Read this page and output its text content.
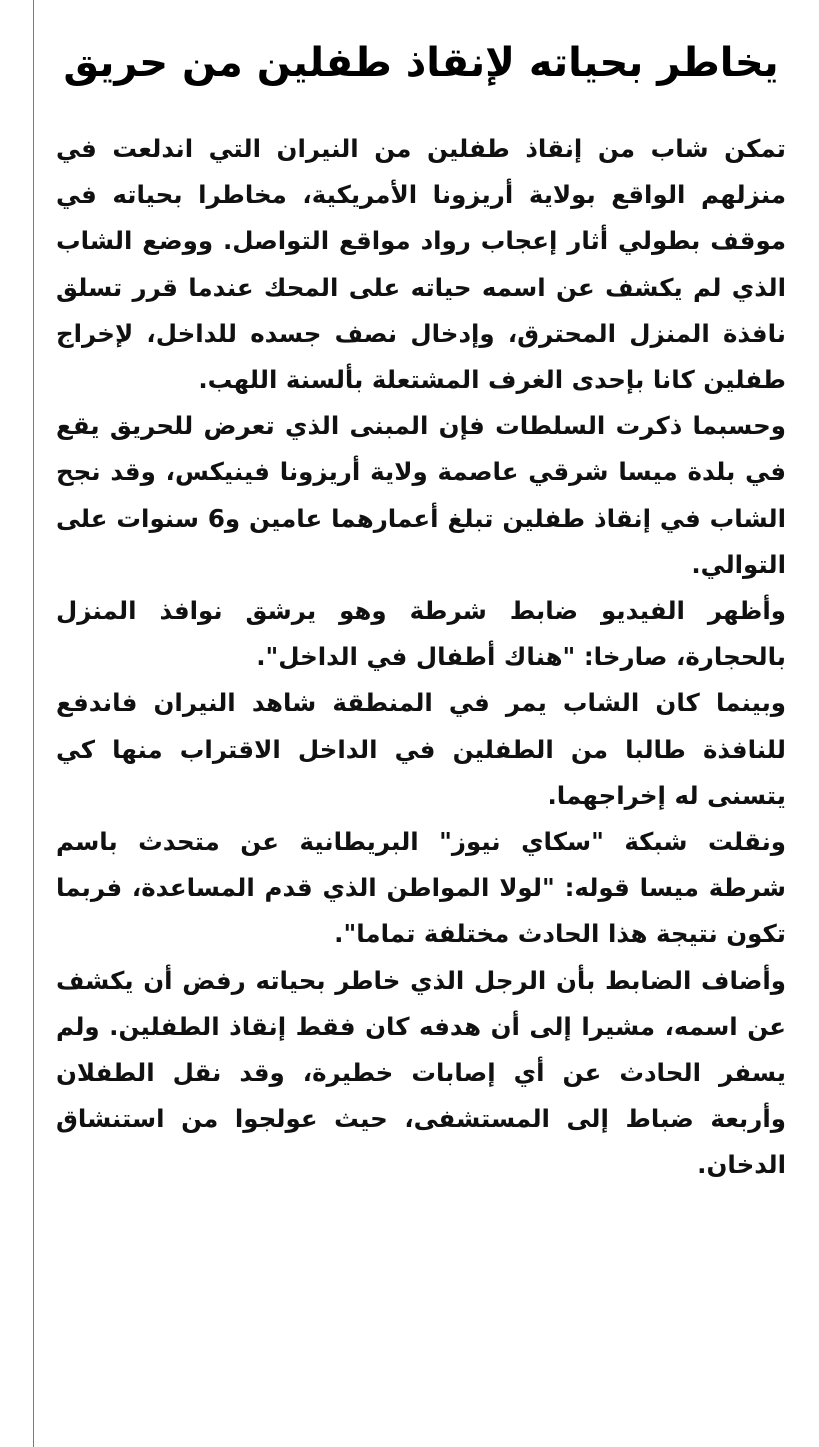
يخاطر بحياته لإنقاذ طفلين من حريق

تمكن شاب من إنقاذ طفلين من النيران التي اندلعت في منزلهم الواقع بولاية أريزونا الأمريكية، مخاطرا بحياته في موقف بطولي أثار إعجاب رواد مواقع التواصل. ووضع الشاب الذي لم يكشف عن اسمه حياته على المحك عندما قرر تسلق نافذة المنزل المحترق، وإدخال نصف جسده للداخل، لإخراج طفلين كانا بإحدى الغرف المشتعلة بألسنة اللهب.

وحسبما ذكرت السلطات فإن المبنى الذي تعرض للحريق يقع في بلدة ميسا شرقي عاصمة ولاية أريزونا فينيكس، وقد نجح الشاب في إنقاذ طفلين تبلغ أعمارهما عامين و6 سنوات على التوالي.

وأظهر الفيديو ضابط شرطة وهو يرشق نوافذ المنزل بالحجارة، صارخا: "هناك أطفال في الداخل".

وبينما كان الشاب يمر في المنطقة شاهد النيران فاندفع للنافذة طالبا من الطفلين في الداخل الاقتراب منها كي يتسنى له إخراجهما.

ونقلت شبكة "سكاي نيوز" البريطانية عن متحدث باسم شرطة ميسا قوله: "لولا المواطن الذي قدم المساعدة، فربما تكون نتيجة هذا الحادث مختلفة تماما".

وأضاف الضابط بأن الرجل الذي خاطر بحياته رفض أن يكشف عن اسمه، مشيرا إلى أن هدفه كان فقط إنقاذ الطفلين. ولم يسفر الحادث عن أي إصابات خطيرة، وقد نقل الطفلان وأربعة ضباط إلى المستشفى، حيث عولجوا من استنشاق الدخان.
